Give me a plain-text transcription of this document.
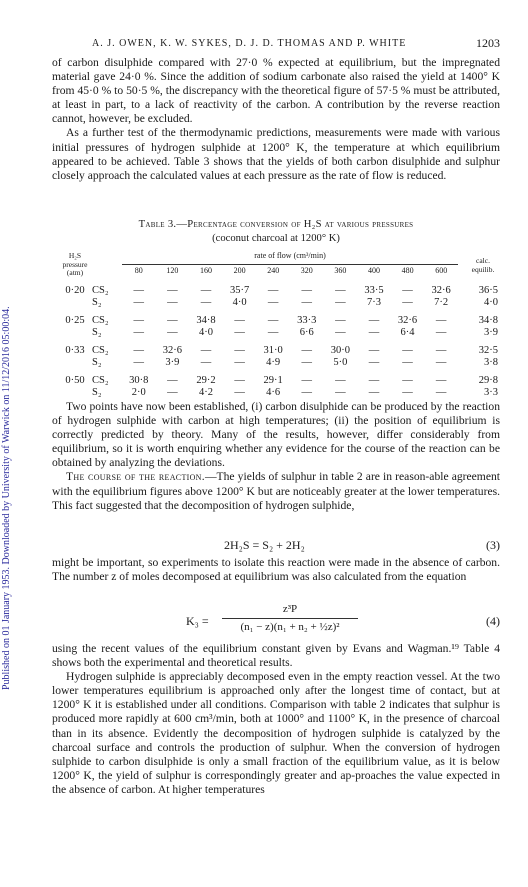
Published on 01 January 1953. Downloaded by University of Warwick on 11/12/2016 05:00:04.
A. J. OWEN, K. W. SYKES, D. J. D. THOMAS AND P. WHITE	1203

of carbon disulphide compared with 27·0 % expected at equilibrium, but the impregnated material gave 24·0 %. Since the addition of sodium carbonate also raised the yield at 1400° K from 45·0 % to 50·5 %, the discrepancy with the theoretical figure of 57·5 % must be attributed, at least in part, to a lack of reactivity of the carbon. A contribution by the reverse reaction cannot, however, be excluded.

As a further test of the thermodynamic predictions, measurements were made with various initial pressures of hydrogen sulphide at 1200° K, the temperature at which equilibrium appeared to be achieved. Table 3 shows that the yields of both carbon disulphide and sulphur closely approach the calculated values at each pressure as the rate of flow is reduced.

Table 3.—Percentage conversion of H₂S at various pressures
(coconut charcoal at 1200° K)
H₂S
pressure
(atm)
rate of flow (cm³/min)
calc.
equilib.
80	120	160	200	240	320	360	400	480	600
0·20	CS₂	—	—	—	35·7	—	—	—	33·5	—	32·6	36·5
	S₂	—	—	—	4·0	—	—	—	7·3	—	7·2	4·0
0·25	CS₂	—	—	34·8	—	—	33·3	—	—	32·6	—	34·8
	S₂	—	—	4·0	—	—	6·6	—	—	6·4	—	3·9
0·33	CS₂	—	32·6	—	—	31·0	—	30·0	—	—	—	32·5
	S₂	—	3·9	—	—	4·9	—	5·0	—	—	—	3·8
0·50	CS₂	30·8	—	29·2	—	29·1	—	—	—	—	—	29·8
	S₂	2·0	—	4·2	—	4·6	—	—	—	—	—	3·3

Two points have now been established, (i) carbon disulphide can be produced by the reaction of hydrogen sulphide with carbon at high temperatures; (ii) the position of equilibrium is correctly predicted by theory. Many of the results, however, differ considerably from equilibrium, so it is worth enquiring whether any evidence for the course of the reaction can be obtained by analyzing the deviations.

The course of the reaction.—The yields of sulphur in table 2 are in reason-able agreement with the equilibrium figures above 1200° K but are noticeably greater at the lower temperatures. This fact suggested that the decomposition of hydrogen sulphide,

2H₂S = S₂ + 2H₂	(3)

might be important, so experiments to isolate this reaction were made in the absence of carbon. The number z of moles decomposed at equilibrium was also calculated from the equation

K₃ =
z³P
(n₁ − z)(n₁ + n₂ + ½z)²	(4)

using the recent values of the equilibrium constant given by Evans and Wagman.¹⁹ Table 4 shows both the experimental and theoretical results.

Hydrogen sulphide is appreciably decomposed even in the empty reaction vessel. At the two lower temperatures equilibrium is approached only after the longest time of contact, but at 1200° K it is established under all conditions. Comparison with table 2 indicates that sulphur is produced more rapidly at 600 cm³/min, both at 1000° and 1100° K, in the presence of charcoal than in its absence. Evidently the decomposition of hydrogen sulphide is catalyzed by the charcoal surface and controls the production of sulphur. When the conversion of hydrogen sulphide to carbon disulphide is only a small fraction of the equilibrium value, as it is below 1200° K, the yield of sulphur is correspondingly greater and ap-proaches the value expected in the absence of carbon. At higher temperatures
